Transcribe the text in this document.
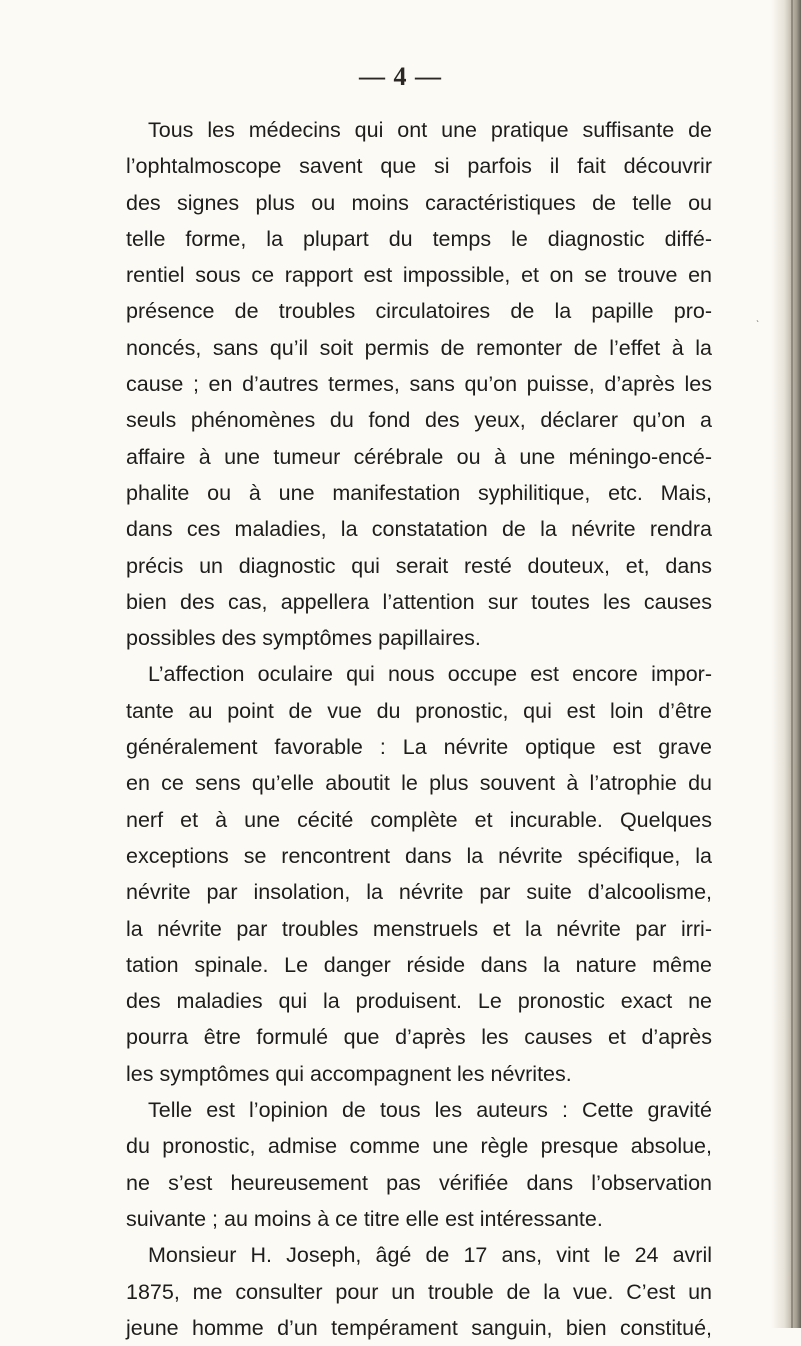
— 4 —
Tous les médecins qui ont une pratique suffisante de
l’ophtalmoscope savent que si parfois il fait découvrir
des signes plus ou moins caractéristiques de telle ou
telle forme, la plupart du temps le diagnostic diffé-
rentiel sous ce rapport est impossible, et on se trouve en
présence de troubles circulatoires de la papille pro-
noncés, sans qu’il soit permis de remonter de l’effet à la
cause ; en d’autres termes, sans qu’on puisse, d’après les
seuls phénomènes du fond des yeux, déclarer qu’on a
affaire à une tumeur cérébrale ou à une méningo-encé-
phalite ou à une manifestation syphilitique, etc. Mais,
dans ces maladies, la constatation de la névrite rendra
précis un diagnostic qui serait resté douteux, et, dans
bien des cas, appellera l’attention sur toutes les causes
possibles des symptômes papillaires.
L’affection oculaire qui nous occupe est encore impor-
tante au point de vue du pronostic, qui est loin d’être
généralement favorable : La névrite optique est grave
en ce sens qu’elle aboutit le plus souvent à l’atrophie du
nerf et à une cécité complète et incurable. Quelques
exceptions se rencontrent dans la névrite spécifique, la
névrite par insolation, la névrite par suite d’alcoolisme,
la névrite par troubles menstruels et la névrite par irri-
tation spinale. Le danger réside dans la nature même
des maladies qui la produisent. Le pronostic exact ne
pourra être formulé que d’après les causes et d’après
les symptômes qui accompagnent les névrites.
Telle est l’opinion de tous les auteurs : Cette gravité
du pronostic, admise comme une règle presque absolue,
ne s’est heureusement pas vérifiée dans l’observation
suivante ; au moins à ce titre elle est intéressante.
Monsieur H. Joseph, âgé de 17 ans, vint le 24 avril
1875, me consulter pour un trouble de la vue. C’est un
jeune homme d’un tempérament sanguin, bien constitué,
ˋ
